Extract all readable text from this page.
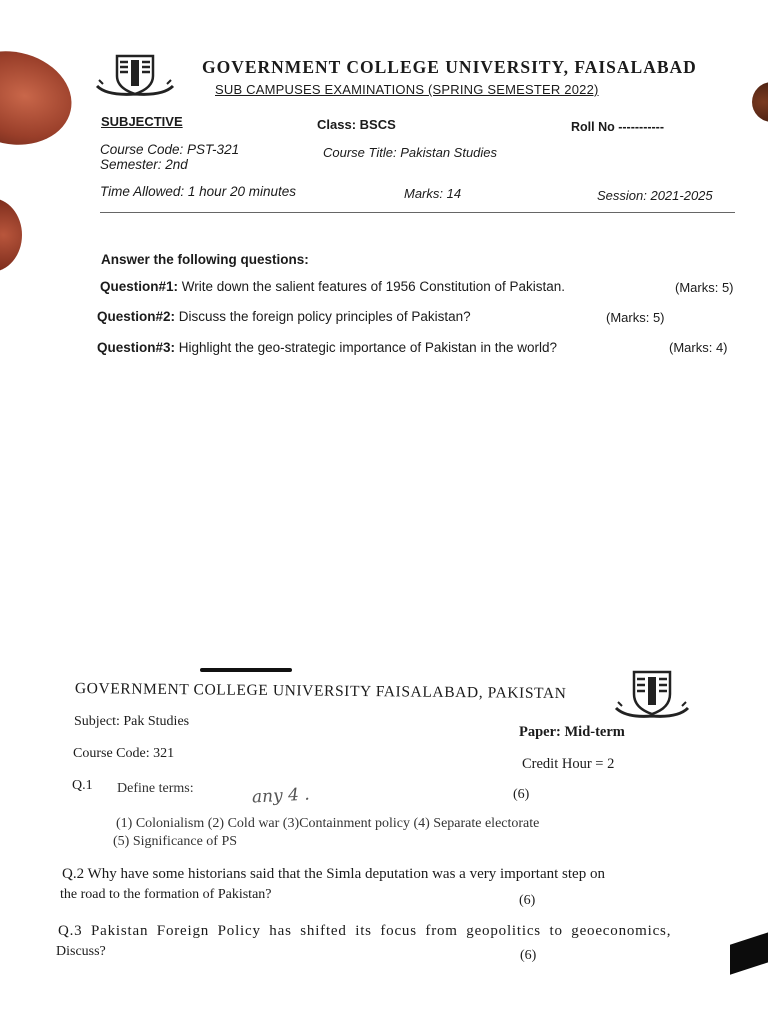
GOVERNMENT COLLEGE UNIVERSITY, FAISALABAD
SUB CAMPUSES EXAMINATIONS (SPRING SEMESTER 2022)
SUBJECTIVE	Class: BSCS	Roll No -----------
Course Code: PST-321	Course Title: Pakistan Studies
Semester: 2nd
Time Allowed: 1 hour 20 minutes	Marks: 14	Session: 2021-2025
Answer the following questions:
Question#1: Write down the salient features of 1956 Constitution of Pakistan.	(Marks: 5)
Question#2: Discuss the foreign policy principles of Pakistan?	(Marks: 5)
Question#3: Highlight the geo-strategic importance of Pakistan in the world?	(Marks: 4)
GOVERNMENT COLLEGE UNIVERSITY FAISALABAD, PAKISTAN
Subject: Pak Studies
Paper: Mid-term
Course Code: 321
Credit Hour = 2
Q.1 Define terms:	any 4 .	(6)
(1) Colonialism (2) Cold war (3)Containment policy (4) Separate electorate
(5) Significance of PS
Q.2 Why have some historians said that the Simla deputation was a very important step on
the road to the formation of Pakistan?	(6)
Q.3 Pakistan Foreign Policy has shifted its focus from geopolitics to geoeconomics,
Discuss?	(6)
